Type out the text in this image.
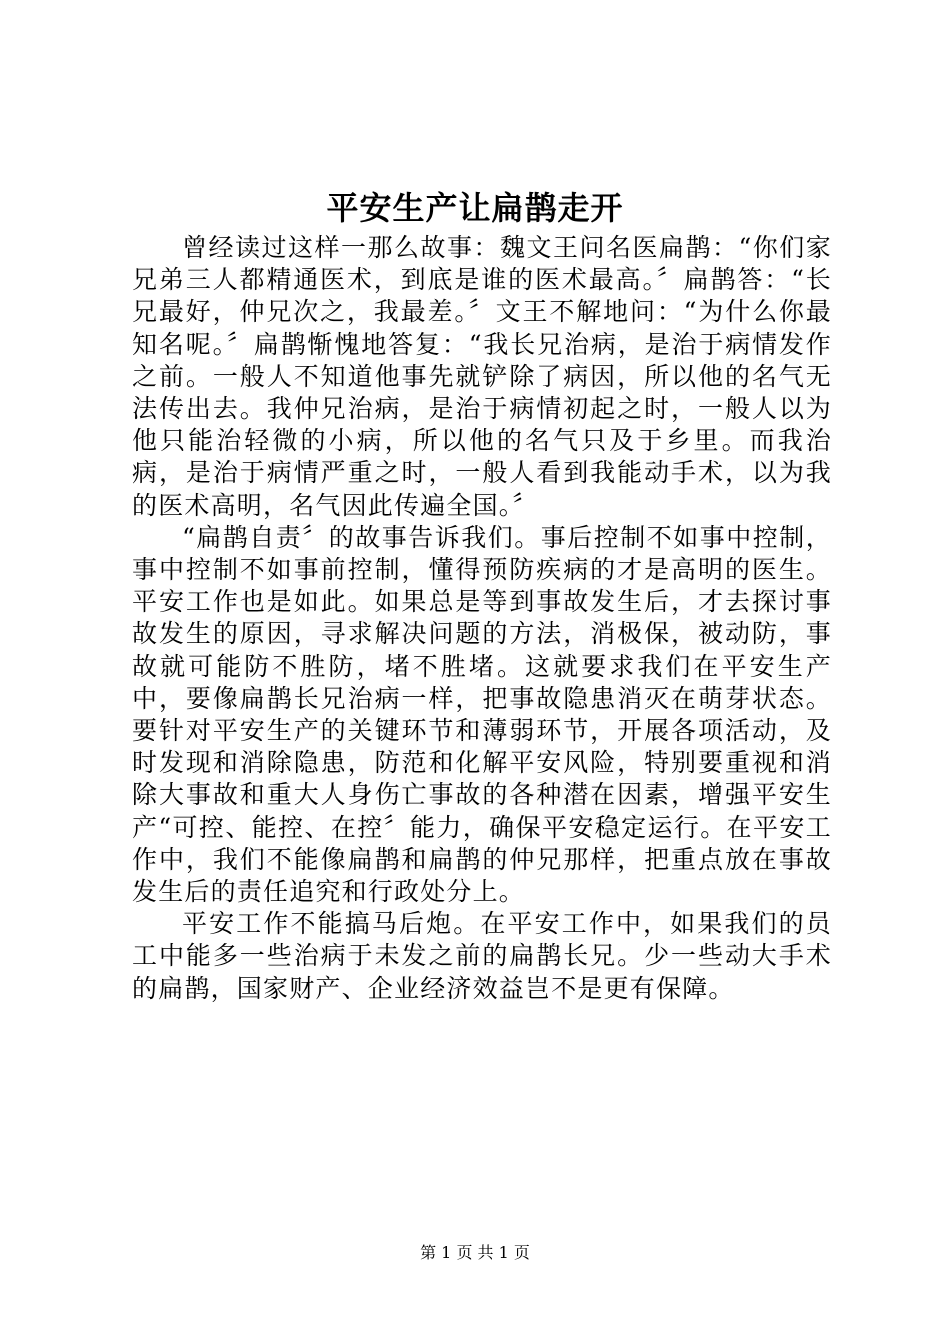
平安生产让扁鹊走开

曾经读过这样一那么故事：魏文王问名医扁鹊：“你们家兄弟三人都精通医术，到底是谁的医术最高。〞扁鹊答：“长兄最好，仲兄次之，我最差。〞文王不解地问：“为什么你最知名呢。〞扁鹊惭愧地答复：“我长兄治病，是治于病情发作之前。一般人不知道他事先就铲除了病因，所以他的名气无法传出去。我仲兄治病，是治于病情初起之时，一般人以为他只能治轻微的小病，所以他的名气只及于乡里。而我治病，是治于病情严重之时，一般人看到我能动手术，以为我的医术高明，名气因此传遍全国。〞

“扁鹊自责〞的故事告诉我们。事后控制不如事中控制，事中控制不如事前控制，懂得预防疾病的才是高明的医生。平安工作也是如此。如果总是等到事故发生后，才去探讨事故发生的原因，寻求解决问题的方法，消极保，被动防，事故就可能防不胜防，堵不胜堵。这就要求我们在平安生产中，要像扁鹊长兄治病一样，把事故隐患消灭在萌芽状态。要针对平安生产的关键环节和薄弱环节，开展各项活动，及时发现和消除隐患，防范和化解平安风险，特别要重视和消除大事故和重大人身伤亡事故的各种潜在因素，增强平安生产“可控、能控、在控〞能力，确保平安稳定运行。在平安工作中，我们不能像扁鹊和扁鹊的仲兄那样，把重点放在事故发生后的责任追究和行政处分上。

平安工作不能搞马后炮。在平安工作中，如果我们的员工中能多一些治病于未发之前的扁鹊长兄。少一些动大手术的扁鹊，国家财产、企业经济效益岂不是更有保障。

第 1 页 共 1 页
